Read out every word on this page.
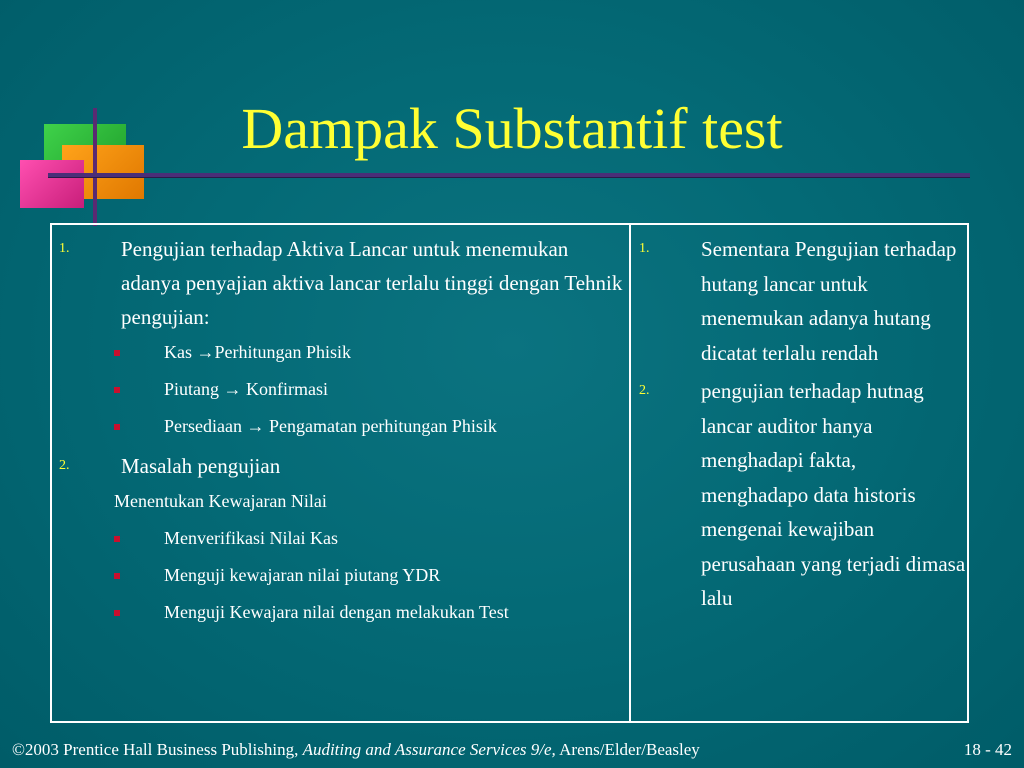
Dampak Substantif test
1. Pengujian terhadap Aktiva Lancar untuk menemukan adanya penyajian aktiva lancar terlalu tinggi dengan Tehnik pengujian:
Kas →Perhitungan Phisik
Piutang → Konfirmasi
Persediaan → Pengamatan perhitungan Phisik
2. Masalah pengujian
Menentukan Kewajaran Nilai
Menverifikasi Nilai Kas
Menguji kewajaran nilai piutang YDR
Menguji Kewajara nilai dengan melakukan Test
1. Sementara Pengujian terhadap hutang lancar untuk menemukan adanya hutang dicatat terlalu rendah
2. pengujian terhadap hutnag lancar auditor hanya menghadapi fakta, menghadapo data historis mengenai kewajiban perusahaan yang terjadi dimasa lalu
©2003 Prentice Hall Business Publishing, Auditing and Assurance Services 9/e, Arens/Elder/Beasley	18 - 42
